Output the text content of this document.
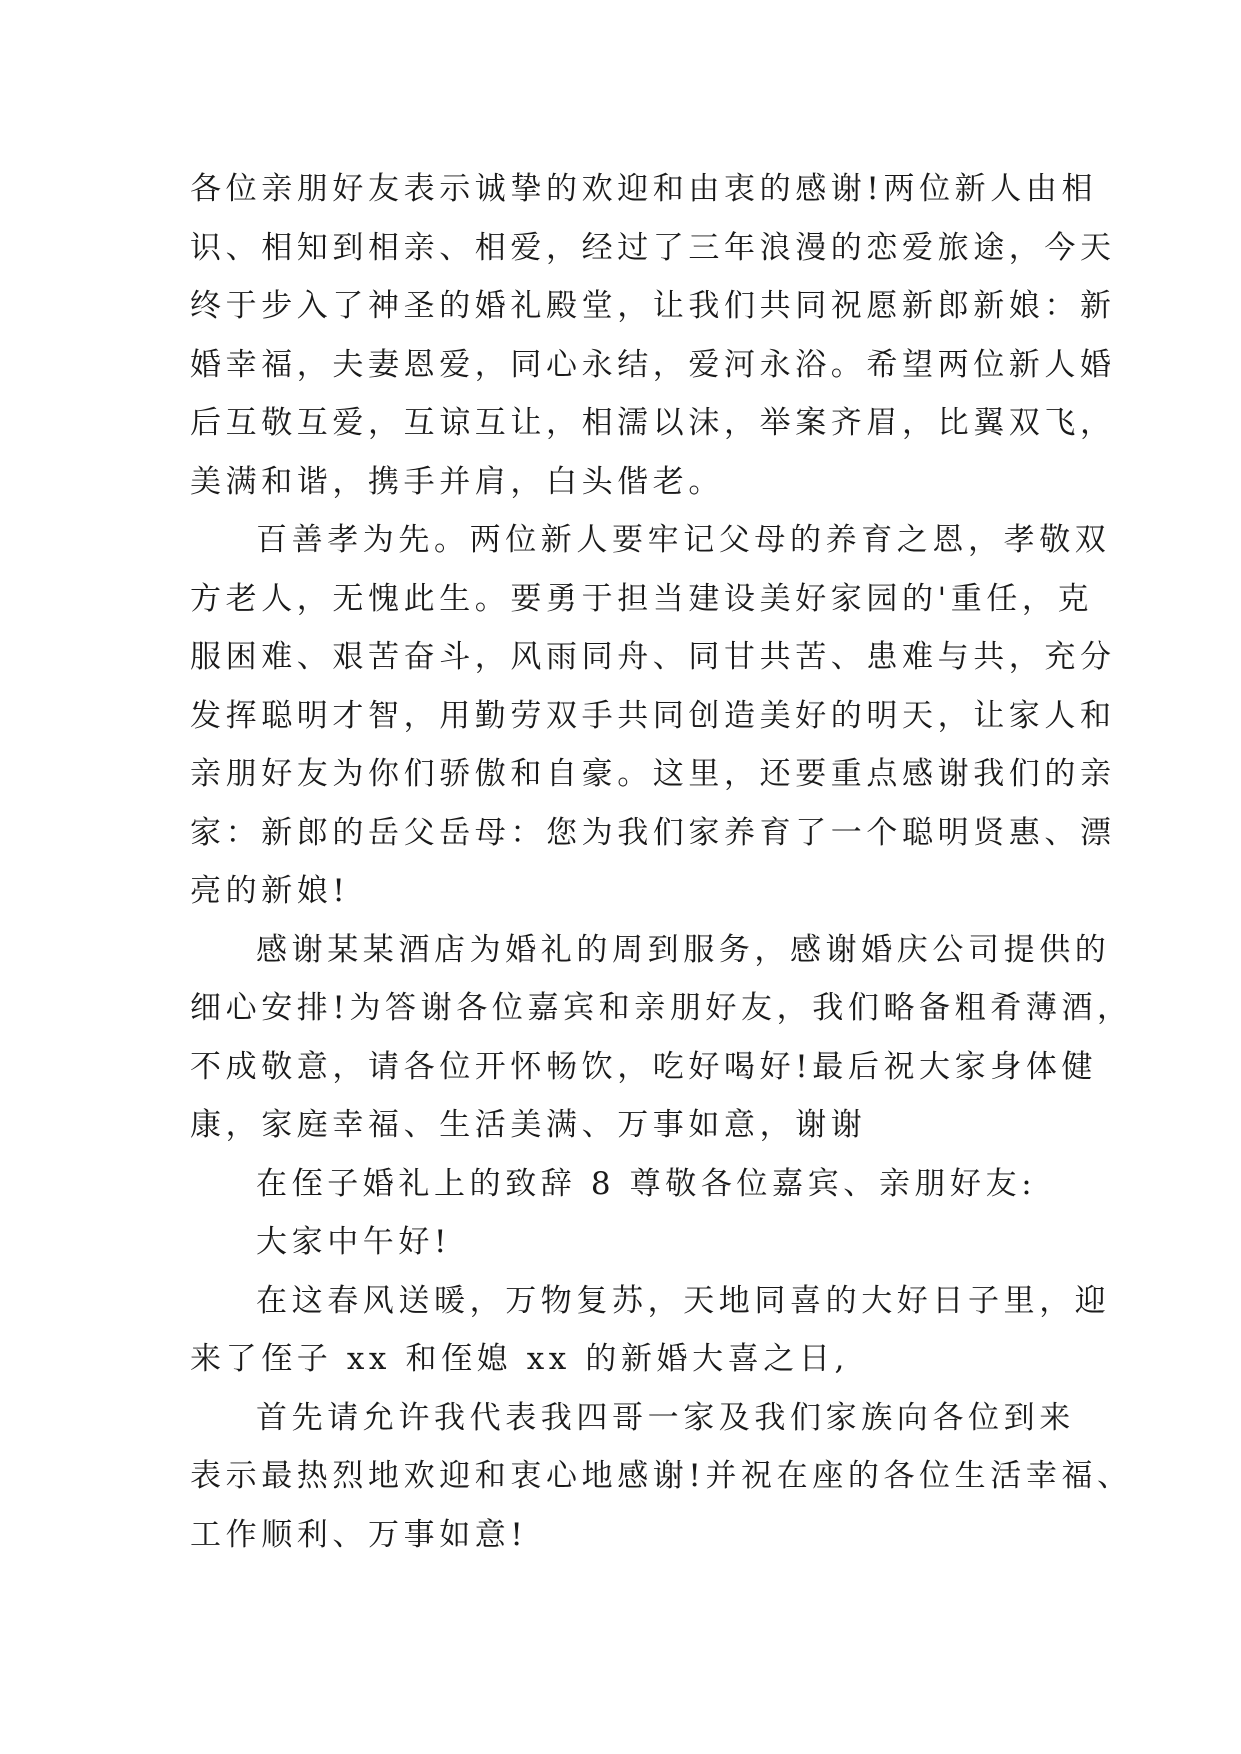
各位亲朋好友表示诚挚的欢迎和由衷的感谢!两位新人由相
识、相知到相亲、相爱，经过了三年浪漫的恋爱旅途，今天
终于步入了神圣的婚礼殿堂，让我们共同祝愿新郎新娘：新
婚幸福，夫妻恩爱，同心永结，爱河永浴。希望两位新人婚
后互敬互爱，互谅互让，相濡以沫，举案齐眉，比翼双飞，
美满和谐，携手并肩，白头偕老。
百善孝为先。两位新人要牢记父母的养育之恩，孝敬双
方老人，无愧此生。要勇于担当建设美好家园的'重任，克
服困难、艰苦奋斗，风雨同舟、同甘共苦、患难与共，充分
发挥聪明才智，用勤劳双手共同创造美好的明天，让家人和
亲朋好友为你们骄傲和自豪。这里，还要重点感谢我们的亲
家：新郎的岳父岳母：您为我们家养育了一个聪明贤惠、漂
亮的新娘!
感谢某某酒店为婚礼的周到服务，感谢婚庆公司提供的
细心安排!为答谢各位嘉宾和亲朋好友，我们略备粗肴薄酒，
不成敬意，请各位开怀畅饮，吃好喝好!最后祝大家身体健
康，家庭幸福、生活美满、万事如意，谢谢
在侄子婚礼上的致辞 8 尊敬各位嘉宾、亲朋好友:
大家中午好!
在这春风送暖，万物复苏，天地同喜的大好日子里，迎
来了侄子 xx 和侄媳 xx 的新婚大喜之日,
首先请允许我代表我四哥一家及我们家族向各位到来
表示最热烈地欢迎和衷心地感谢!并祝在座的各位生活幸福、
工作顺利、万事如意!
